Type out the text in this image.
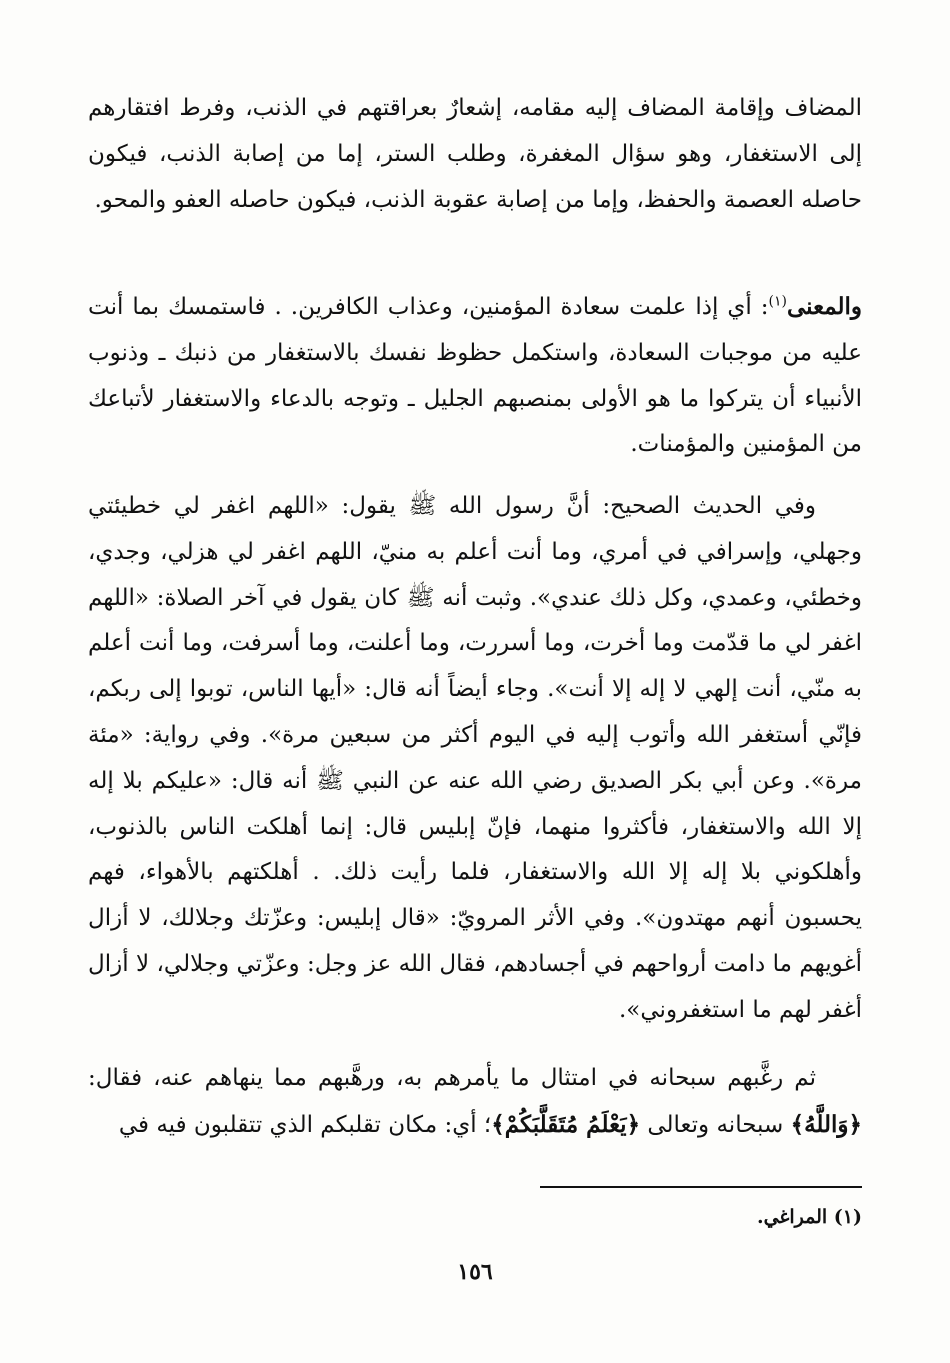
المضاف وإقامة المضاف إليه مقامه، إشعارٌ بعراقتهم في الذنب، وفرط افتقارهم إلى الاستغفار، وهو سؤال المغفرة، وطلب الستر، إما من إصابة الذنب، فيكون حاصله العصمة والحفظ، وإما من إصابة عقوبة الذنب، فيكون حاصله العفو والمحو.

والمعنى$^{(١)}$: أي إذا علمت سعادة المؤمنين، وعذاب الكافرين. . فاستمسك بما أنت عليه من موجبات السعادة، واستكمل حظوظ نفسك بالاستغفار من ذنبك ـ وذنوب الأنبياء أن يتركوا ما هو الأولى بمنصبهم الجليل ـ وتوجه بالدعاء والاستغفار لأتباعك من المؤمنين والمؤمنات.

وفي الحديث الصحيح: أنَّ رسول الله ﷺ يقول: «اللهم اغفر لي خطيئتي وجهلي، وإسرافي في أمري، وما أنت أعلم به منيّ، اللهم اغفر لي هزلي، وجدي، وخطئي، وعمدي، وكل ذلك عندي». وثبت أنه ﷺ كان يقول في آخر الصلاة: «اللهم اغفر لي ما قدّمت وما أخرت، وما أسررت، وما أعلنت، وما أسرفت، وما أنت أعلم به منّي، أنت إلهي لا إله إلا أنت». وجاء أيضاً أنه قال: «أيها الناس، توبوا إلى ربكم، فإنّي أستغفر الله وأتوب إليه في اليوم أكثر من سبعين مرة». وفي رواية: «مئة مرة». وعن أبي بكر الصديق رضي الله عنه عن النبي ﷺ أنه قال: «عليكم بلا إله إلا الله والاستغفار، فأكثروا منهما، فإنّ إبليس قال: إنما أهلكت الناس بالذنوب، وأهلكوني بلا إله إلا الله والاستغفار، فلما رأيت ذلك. . أهلكتهم بالأهواء، فهم يحسبون أنهم مهتدون». وفي الأثر المرويّ: «قال إبليس: وعزّتك وجلالك، لا أزال أغويهم ما دامت أرواحهم في أجسادهم، فقال الله عز وجل: وعزّتي وجلالي، لا أزال أغفر لهم ما استغفروني».

ثم رغَّبهم سبحانه في امتثال ما يأمرهم به، ورهَّبهم مما ينهاهم عنه، فقال: ﴿وَاللَّهُ﴾ سبحانه وتعالى ﴿يَعْلَمُ مُتَقَلَّبَكُمْ﴾؛ أي: مكان تقلبكم الذي تتقلبون فيه في

(١) المراغي.

١٥٦
